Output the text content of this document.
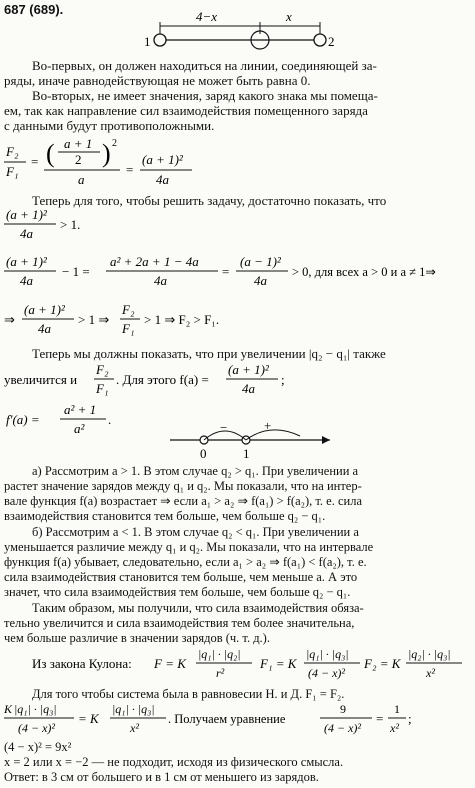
687 (689).	4−x	x
1	2
Во-первых, он должен находиться на линии, соединяющей за-
ряды, иначе равнодействующая не может быть равна 0.
Во-вторых, не имеет значения, заряд какого знака мы помеща-
ем, так как направление сил взаимодействия помещенного заряда
с данными будут противоположными.
F₂
F₁
= ( a + 1
2 ) 2
a
=
(a + 1)²
4a
Теперь для того, чтобы решить задачу, достаточно показать, что
(a + 1)²
4a
> 1.
(a + 1)²
4a
− 1 =
a² + 2a + 1 − 4a
4a
=
(a − 1)²
4a
> 0, для всех a > 0 и a ≠ 1⇒
⇒
(a + 1)²
4a
> 1 ⇒
F₂
F₁
> 1 ⇒ F₂ > F₁.
Теперь мы должны показать, что при увеличении |q₂ − q₁| также
увеличится и
F₂
F₁
. Для этого f(a) =
(a + 1)²
4a
;
f′(a) =
a² + 1
a²
.
−	+
0	1
а) Рассмотрим a > 1. В этом случае q₂ > q₁. При увеличении a
растет значение зарядов между q₁ и q₂. Мы показали, что на интер-
вале функция f(a) возрастает ⇒ если a₁ > a₂ ⇒ f(a₁) > f(a₂), т. е. сила
взаимодействия становится тем больше, чем больше q₂ − q₁.
б) Рассмотрим a < 1. В этом случае q₂ < q₁. При увеличении a
уменьшается различие между q₁ и q₂. Мы показали, что на интервале
функция f(a) убывает, следовательно, если a₁ > a₂ ⇒ f(a₁) < f(a₂), т. е.
сила взаимодействия становится тем больше, чем меньше a. А это
значет, что сила взаимодействия тем больше, чем больше q₂ − q₁.
Таким образом, мы получили, что сила взаимодействия обяза-
тельно увеличится и сила взаимодействия тем более значительна,
чем больше различие в значении зарядов (ч. т. д.).
Из закона Кулона: F = K
|q₁| · |q₂|
r²
F₁ = K
|q₁| · |q₃|
(4 − x)²
F₂ = K
|q₂| · |q₃|
x²
Для того чтобы система была в равновесии Н. и Д. F₁ = F₂.
K |q₁| · |q₃|
(4 − x)²
= K
|q₁| · |q₃|
x²
. Получаем уравнение
9
(4 − x)²
=
1
x²
;
(4 − x)² = 9x²
x = 2 или x = −2 — не подходит, исходя из физического смысла.
Ответ: в 3 см от большего и в 1 см от меньшего из зарядов.
